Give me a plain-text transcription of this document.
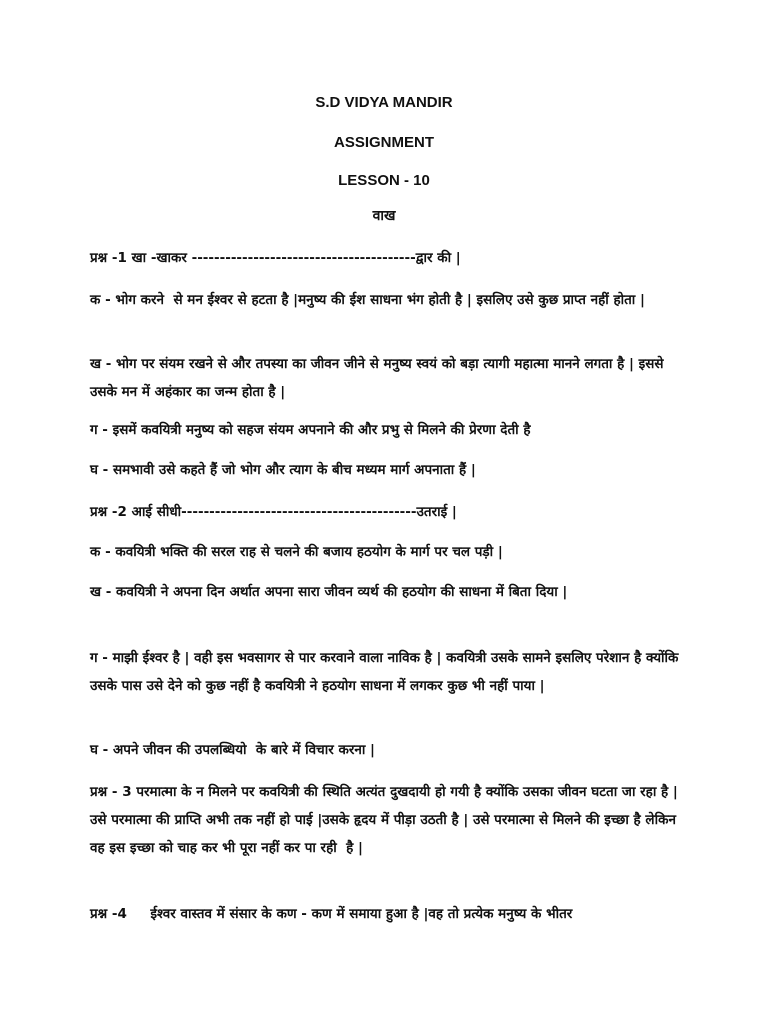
S.D VIDYA MANDIR
ASSIGNMENT
LESSON - 10
वाख
प्रश्न -1 खा -खाकर ----------------------------------------द्वार की |
क - भोग करने  से मन ईश्वर से हटता है |मनुष्य की ईश साधना भंग होती है | इसलिए उसे कुछ प्राप्त नहीं होता |
ख - भोग पर संयम रखने से और तपस्या का जीवन जीने से मनुष्य स्वयं को बड़ा त्यागी महात्मा मानने लगता है | इससे उसके मन में अहंकार का जन्म होता है |
ग - इसमें कवयित्री मनुष्य को सहज संयम अपनाने की और प्रभु से मिलने की प्रेरणा देती है
घ - समभावी उसे कहते हैं जो भोग और त्याग के बीच मध्यम मार्ग अपनाता हैं |
प्रश्न -2 आई सीधी------------------------------------------उतराई |
क - कवयित्री भक्ति की सरल राह से चलने की बजाय हठयोग के मार्ग पर चल पड़ी |
ख - कवयित्री ने अपना दिन अर्थात अपना सारा जीवन व्यर्थ की हठयोग की साधना में बिता दिया |
ग - माझी ईश्वर है | वही इस भवसागर से पार करवाने वाला नाविक है | कवयित्री उसके सामने इसलिए परेशान है क्योंकि उसके पास उसे देने को कुछ नहीं है कवयित्री ने हठयोग साधना में लगकर कुछ भी नहीं पाया |
घ - अपने जीवन की उपलब्धियो  के बारे में विचार करना |
प्रश्न - 3 परमात्मा के न मिलने पर कवयित्री की स्थिति अत्यंत दुखदायी हो गयी है क्योंकि उसका जीवन घटता जा रहा है |उसे परमात्मा की प्राप्ति अभी तक नहीं हो पाई |उसके हृदय में पीड़ा उठती है | उसे परमात्मा से मिलने की इच्छा है लेकिन वह इस इच्छा को चाह कर भी पूरा नहीं कर पा रही  है |
प्रश्न -4     ईश्वर वास्तव में संसार के कण - कण में समाया हुआ है |वह तो प्रत्येक मनुष्य के भीतर
